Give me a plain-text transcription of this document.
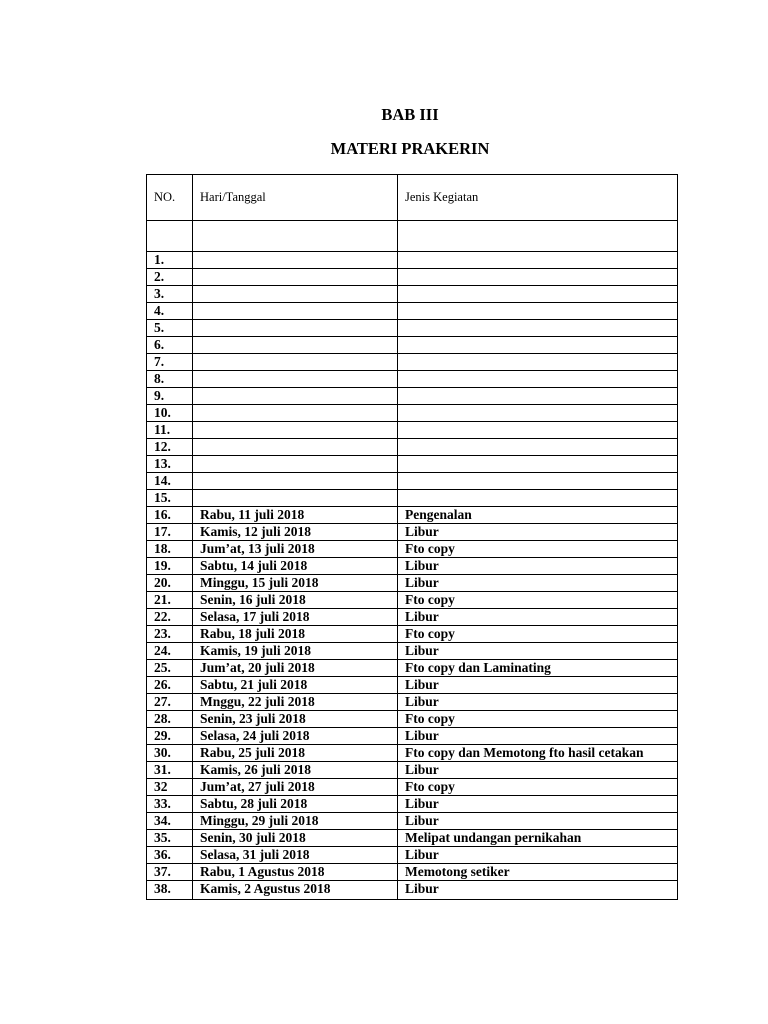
BAB III
MATERI PRAKERIN
NO.	Hari/Tanggal	Jenis Kegiatan

1.		
2.		
3.		
4.		
5.		
6.		
7.		
8.		
9.		
10.		
11.		
12.		
13.		
14.		
15.		
16.	Rabu, 11 juli 2018	Pengenalan
17.	Kamis, 12 juli 2018	Libur
18.	Jum’at, 13 juli 2018	Fto copy
19.	Sabtu, 14 juli 2018	Libur
20.	Minggu, 15 juli 2018	Libur
21.	Senin, 16 juli 2018	Fto copy
22.	Selasa, 17 juli 2018	Libur
23.	Rabu, 18 juli 2018	Fto copy
24.	Kamis, 19 juli 2018	Libur
25.	Jum’at, 20 juli 2018	Fto copy dan Laminating
26.	Sabtu, 21 juli 2018	Libur
27.	Mnggu, 22 juli 2018	Libur
28.	Senin, 23 juli 2018	Fto copy
29.	Selasa, 24 juli 2018	Libur
30.	Rabu, 25 juli 2018	Fto copy dan Memotong fto hasil cetakan
31.	Kamis, 26 juli 2018	Libur
32	Jum’at, 27 juli 2018	Fto copy
33.	Sabtu, 28 juli 2018	Libur
34.	Minggu, 29 juli 2018	Libur
35.	Senin, 30 juli 2018	Melipat undangan pernikahan
36.	Selasa, 31 juli 2018	Libur
37.	Rabu, 1 Agustus 2018	Memotong setiker
38.	Kamis, 2 Agustus 2018	Libur
